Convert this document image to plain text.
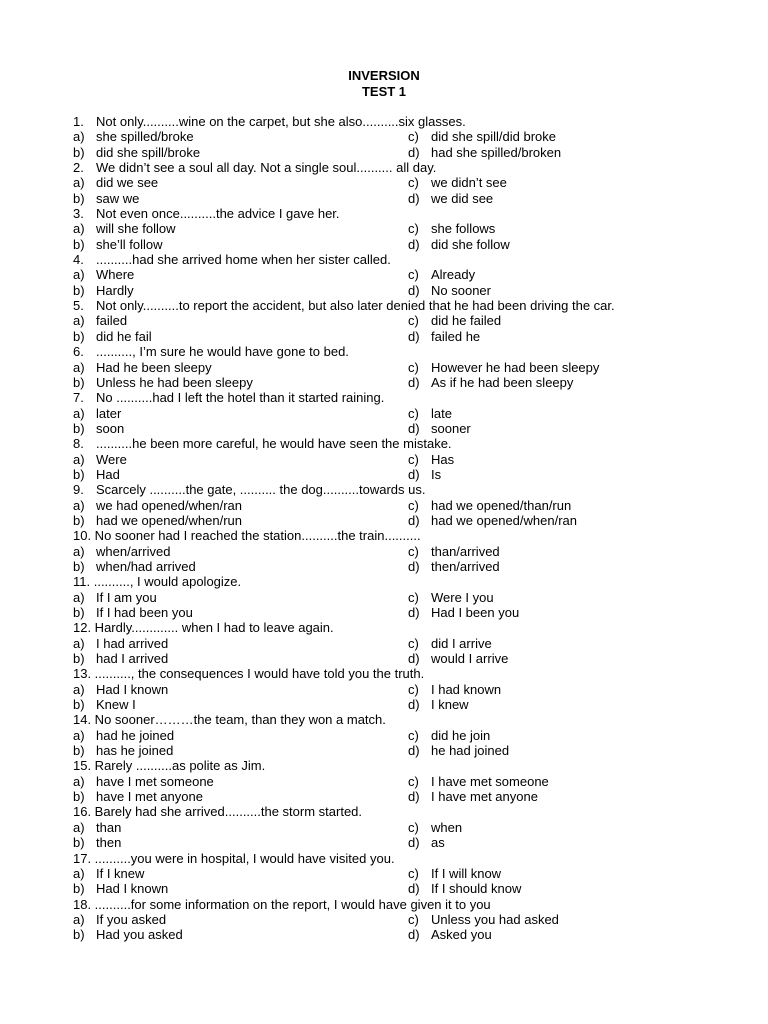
INVERSION
TEST 1
1. Not only..........wine on the carpet, but she also..........six glasses.
a) she spilled/broke	c) did she spill/did broke
b) did she spill/broke	d) had she spilled/broken
2. We didn’t see a soul all day. Not a single soul.......... all day.
a) did we see	c) we didn’t see
b) saw we	d) we did see
3. Not even once..........the advice I gave her.
a) will she follow	c) she follows
b) she’ll follow	d) did she follow
4. ..........had she arrived home when her sister called.
a) Where	c) Already
b) Hardly	d) No sooner
5. Not only..........to report the accident, but also later denied that he had been driving the car.
a) failed	c) did he failed
b) did he fail	d) failed he
6. .........., I’m sure he would have gone to bed.
a) Had he been sleepy	c) However he had been sleepy
b) Unless he had been sleepy	d) As if he had been sleepy
7. No ..........had I left the hotel than it started raining.
a) later	c) late
b) soon	d) sooner
8. ..........he been more careful, he would have seen the mistake.
a) Were	c) Has
b) Had	d) Is
9. Scarcely ..........the gate, .......... the dog..........towards us.
a) we had opened/when/ran	c) had we opened/than/run
b) had we opened/when/run	d) had we opened/when/ran
10. No sooner had I reached the station..........the train..........
a) when/arrived	c) than/arrived
b) when/had arrived	d) then/arrived
11. .........., I would apologize.
a) If I am you	c) Were I you
b) If I had been you	d) Had I been you
12. Hardly............. when I had to leave again.
a) I had arrived	c) did I arrive
b) had I arrived	d) would I arrive
13. .........., the consequences I would have told you the truth.
a) Had I known	c) I had known
b) Knew I	d) I knew
14. No sooner………the team, than they won a match.
a) had he joined	c) did he join
b) has he joined	d) he had joined
15. Rarely ..........as polite as Jim.
a) have I met someone	c) I have met someone
b) have I met anyone	d) I have met anyone
16. Barely had she arrived..........the storm started.
a) than	c) when
b) then	d) as
17. ..........you were in hospital, I would have visited you.
a) If I knew	c) If I will know
b) Had I known	d) If I should know
18. ..........for some information on the report, I would have given it to you
a) If you asked	c) Unless you had asked
b) Had you asked	d) Asked you
